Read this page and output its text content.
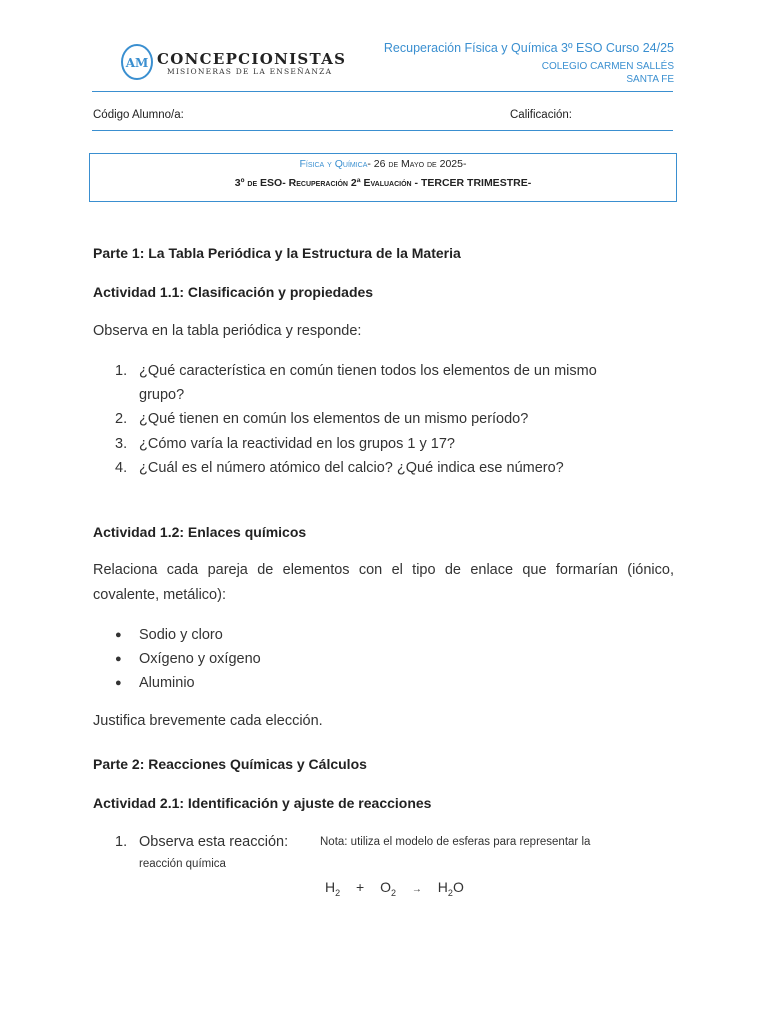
AM CONCEPCIONISTAS
MISIONERAS DE LA ENSEÑANZA
Recuperación Física y Química 3º ESO Curso 24/25
COLEGIO CARMEN SALLÉS
SANTA FE
Código Alumno/a:	Calificación:
Física y Química- 26 de Mayo de 2025-
3º de ESO- Recuperación 2ª Evaluación - TERCER TRIMESTRE-
Parte 1: La Tabla Periódica y la Estructura de la Materia
Actividad 1.1: Clasificación y propiedades
Observa en la tabla periódica y responde:
1. ¿Qué característica en común tienen todos los elementos de un mismo
grupo?
2. ¿Qué tienen en común los elementos de un mismo período?
3. ¿Cómo varía la reactividad en los grupos 1 y 17?
4. ¿Cuál es el número atómico del calcio? ¿Qué indica ese número?
Actividad 1.2: Enlaces químicos
Relaciona cada pareja de elementos con el tipo de enlace que formarían (iónico, covalente, metálico):
● Sodio y cloro
● Oxígeno y oxígeno
● Aluminio
Justifica brevemente cada elección.
Parte 2: Reacciones Químicas y Cálculos
Actividad 2.1: Identificación y ajuste de reacciones
1. Observa esta reacción:	Nota: utiliza el modelo de esferas para representar la
reacción química
$H_2 + O_2 \to H_2O$
